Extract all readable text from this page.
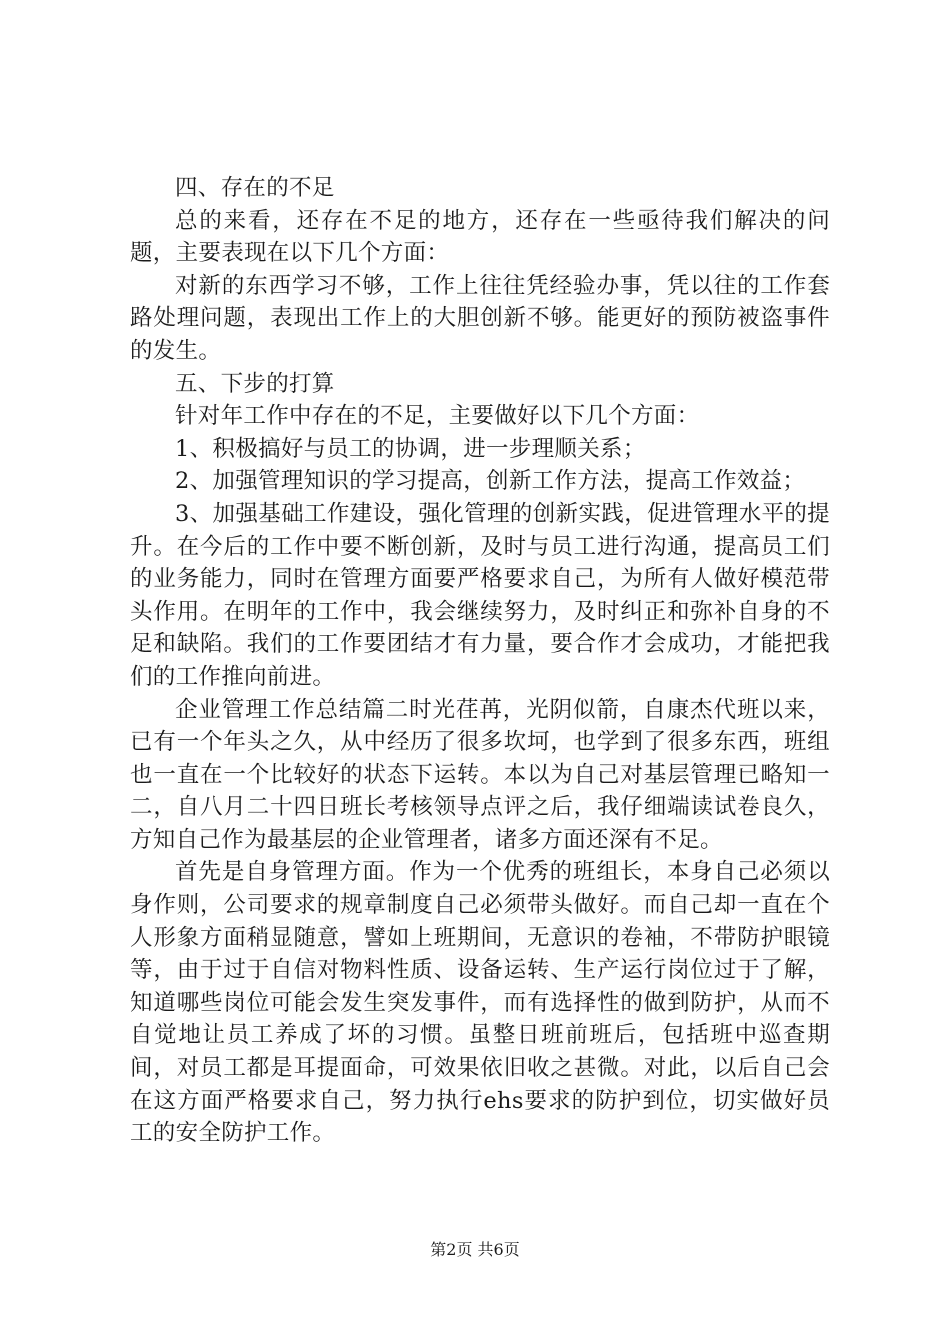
四、存在的不足

总的来看，还存在不足的地方，还存在一些亟待我们解决的问题，主要表现在以下几个方面：

对新的东西学习不够，工作上往往凭经验办事，凭以往的工作套路处理问题，表现出工作上的大胆创新不够。能更好的预防被盗事件的发生。

五、下步的打算

针对年工作中存在的不足，主要做好以下几个方面：

1、积极搞好与员工的协调，进一步理顺关系；

2、加强管理知识的学习提高，创新工作方法，提高工作效益；

3、加强基础工作建设，强化管理的创新实践，促进管理水平的提升。在今后的工作中要不断创新，及时与员工进行沟通，提高员工们的业务能力，同时在管理方面要严格要求自己，为所有人做好模范带头作用。在明年的工作中，我会继续努力，及时纠正和弥补自身的不足和缺陷。我们的工作要团结才有力量，要合作才会成功，才能把我们的工作推向前进。

企业管理工作总结篇二时光荏苒，光阴似箭，自康杰代班以来，已有一个年头之久，从中经历了很多坎坷，也学到了很多东西，班组也一直在一个比较好的状态下运转。本以为自己对基层管理已略知一二，自八月二十四日班长考核领导点评之后，我仔细端读试卷良久，方知自己作为最基层的企业管理者，诸多方面还深有不足。

首先是自身管理方面。作为一个优秀的班组长，本身自己必须以身作则，公司要求的规章制度自己必须带头做好。而自己却一直在个人形象方面稍显随意，譬如上班期间，无意识的卷袖，不带防护眼镜等，由于过于自信对物料性质、设备运转、生产运行岗位过于了解，知道哪些岗位可能会发生突发事件，而有选择性的做到防护，从而不自觉地让员工养成了坏的习惯。虽整日班前班后，包括班中巡查期间，对员工都是耳提面命，可效果依旧收之甚微。对此，以后自己会在这方面严格要求自己，努力执行ehs要求的防护到位，切实做好员工的安全防护工作。

第2页 共6页
